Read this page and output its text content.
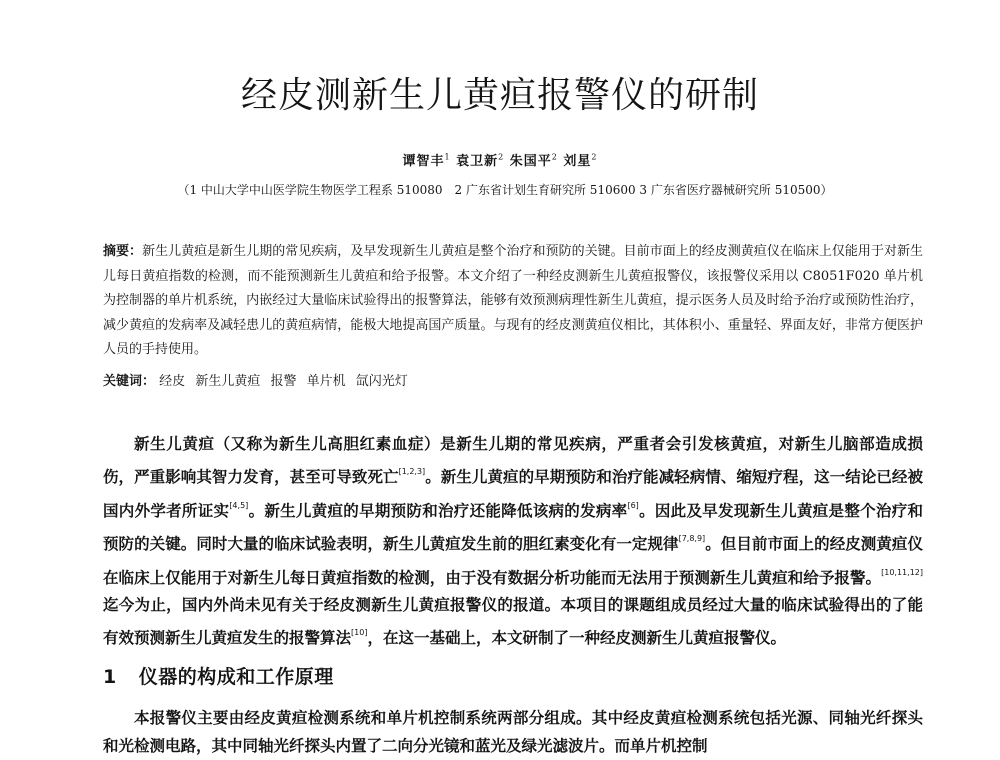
经皮测新生儿黄疸报警仪的研制
谭智丰$^1$ 袁卫新$^2$ 朱国平$^2$ 刘星$^2$
（1 中山大学中山医学院生物医学工程系 510080　2 广东省计划生育研究所 510600 3 广东省医疗器械研究所 510500）
摘要：新生儿黄疸是新生儿期的常见疾病，及早发现新生儿黄疸是整个治疗和预防的关键。目前市面上的经皮测黄疸仪在临床上仅能用于对新生儿每日黄疸指数的检测，而不能预测新生儿黄疸和给予报警。本文介绍了一种经皮测新生儿黄疸报警仪，该报警仪采用以 C8051F020 单片机为控制器的单片机系统，内嵌经过大量临床试验得出的报警算法，能够有效预测病理性新生儿黄疸，提示医务人员及时给予治疗或预防性治疗，减少黄疸的发病率及减轻患儿的黄疸病情，能极大地提高国产质量。与现有的经皮测黄疸仪相比，其体积小、重量轻、界面友好，非常方便医护人员的手持使用。
关键词： 经皮 新生儿黄疸 报警 单片机 氙闪光灯
新生儿黄疸（又称为新生儿高胆红素血症）是新生儿期的常见疾病，严重者会引发核黄疸，对新生儿脑部造成损伤，严重影响其智力发育，甚至可导致死亡[1,2,3]。新生儿黄疸的早期预防和治疗能减轻病情、缩短疗程，这一结论已经被国内外学者所证实[4,5]。新生儿黄疸的早期预防和治疗还能降低该病的发病率[6]。因此及早发现新生儿黄疸是整个治疗和预防的关键。同时大量的临床试验表明，新生儿黄疸发生前的胆红素变化有一定规律[7,8,9]。但目前市面上的经皮测黄疸仪在临床上仅能用于对新生儿每日黄疸指数的检测，由于没有数据分析功能而无法用于预测新生儿黄疸和给予报警。[10,11,12]迄今为止，国内外尚未见有关于经皮测新生儿黄疸报警仪的报道。本项目的课题组成员经过大量的临床试验得出的了能有效预测新生儿黄疸发生的报警算法[10]，在这一基础上，本文研制了一种经皮测新生儿黄疸报警仪。
1 仪器的构成和工作原理
本报警仪主要由经皮黄疸检测系统和单片机控制系统两部分组成。其中经皮黄疸检测系统包括光源、同轴光纤探头和光检测电路，其中同轴光纤探头内置了二向分光镜和蓝光及绿光滤波片。而单片机控制
